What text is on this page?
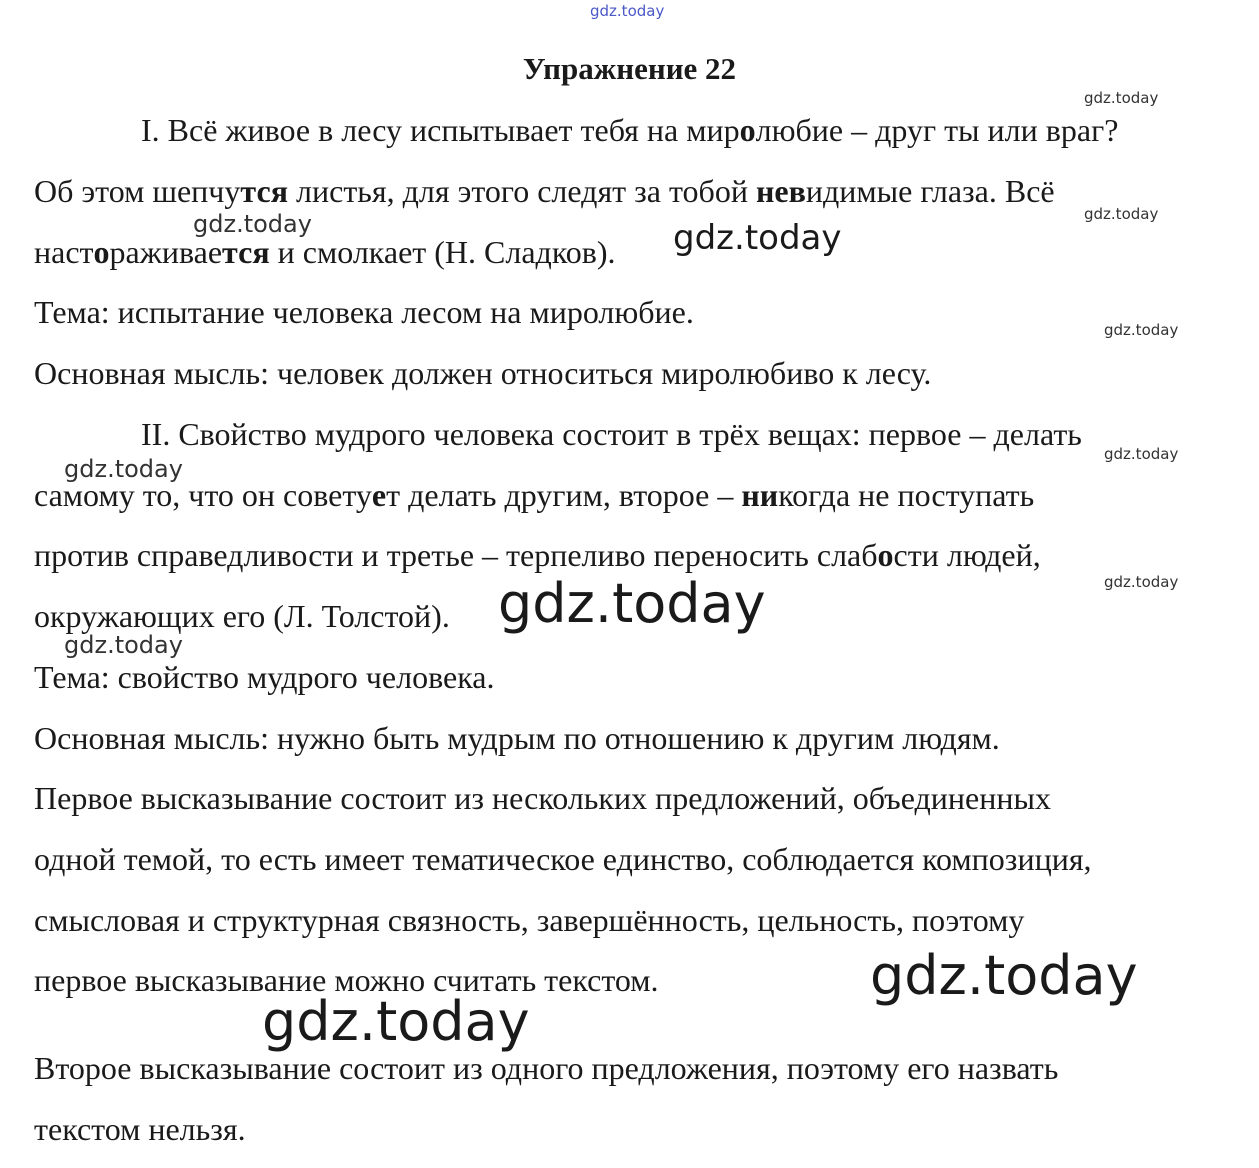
gdz.today
gdz.today
gdz.today
gdz.today	gdz.today
gdz.today
gdz.today
gdz.today
gdz.today
gdz.today
gdz.today
gdz.today
gdz.today
Упражнение 22
I. Всё живое в лесу испытывает тебя на миролюбие – друг ты или враг?
Об этом шепчутся листья, для этого следят за тобой невидимые глаза. Всё
настораживается и смолкает (Н. Сладков).
Тема: испытание человека лесом на миролюбие.
Основная мысль: человек должен относиться миролюбиво к лесу.
II. Свойство мудрого человека состоит в трёх вещах: первое – делать
самому то, что он советует делать другим, второе – никогда не поступать
против справедливости и третье – терпеливо переносить слабости людей,
окружающих его (Л. Толстой).
Тема: свойство мудрого человека.
Основная мысль: нужно быть мудрым по отношению к другим людям.
Первое высказывание состоит из нескольких предложений, объединенных
одной темой, то есть имеет тематическое единство, соблюдается композиция,
смысловая и структурная связность, завершённость, цельность, поэтому
первое высказывание можно считать текстом.
Второе высказывание состоит из одного предложения, поэтому его назвать
текстом нельзя.
